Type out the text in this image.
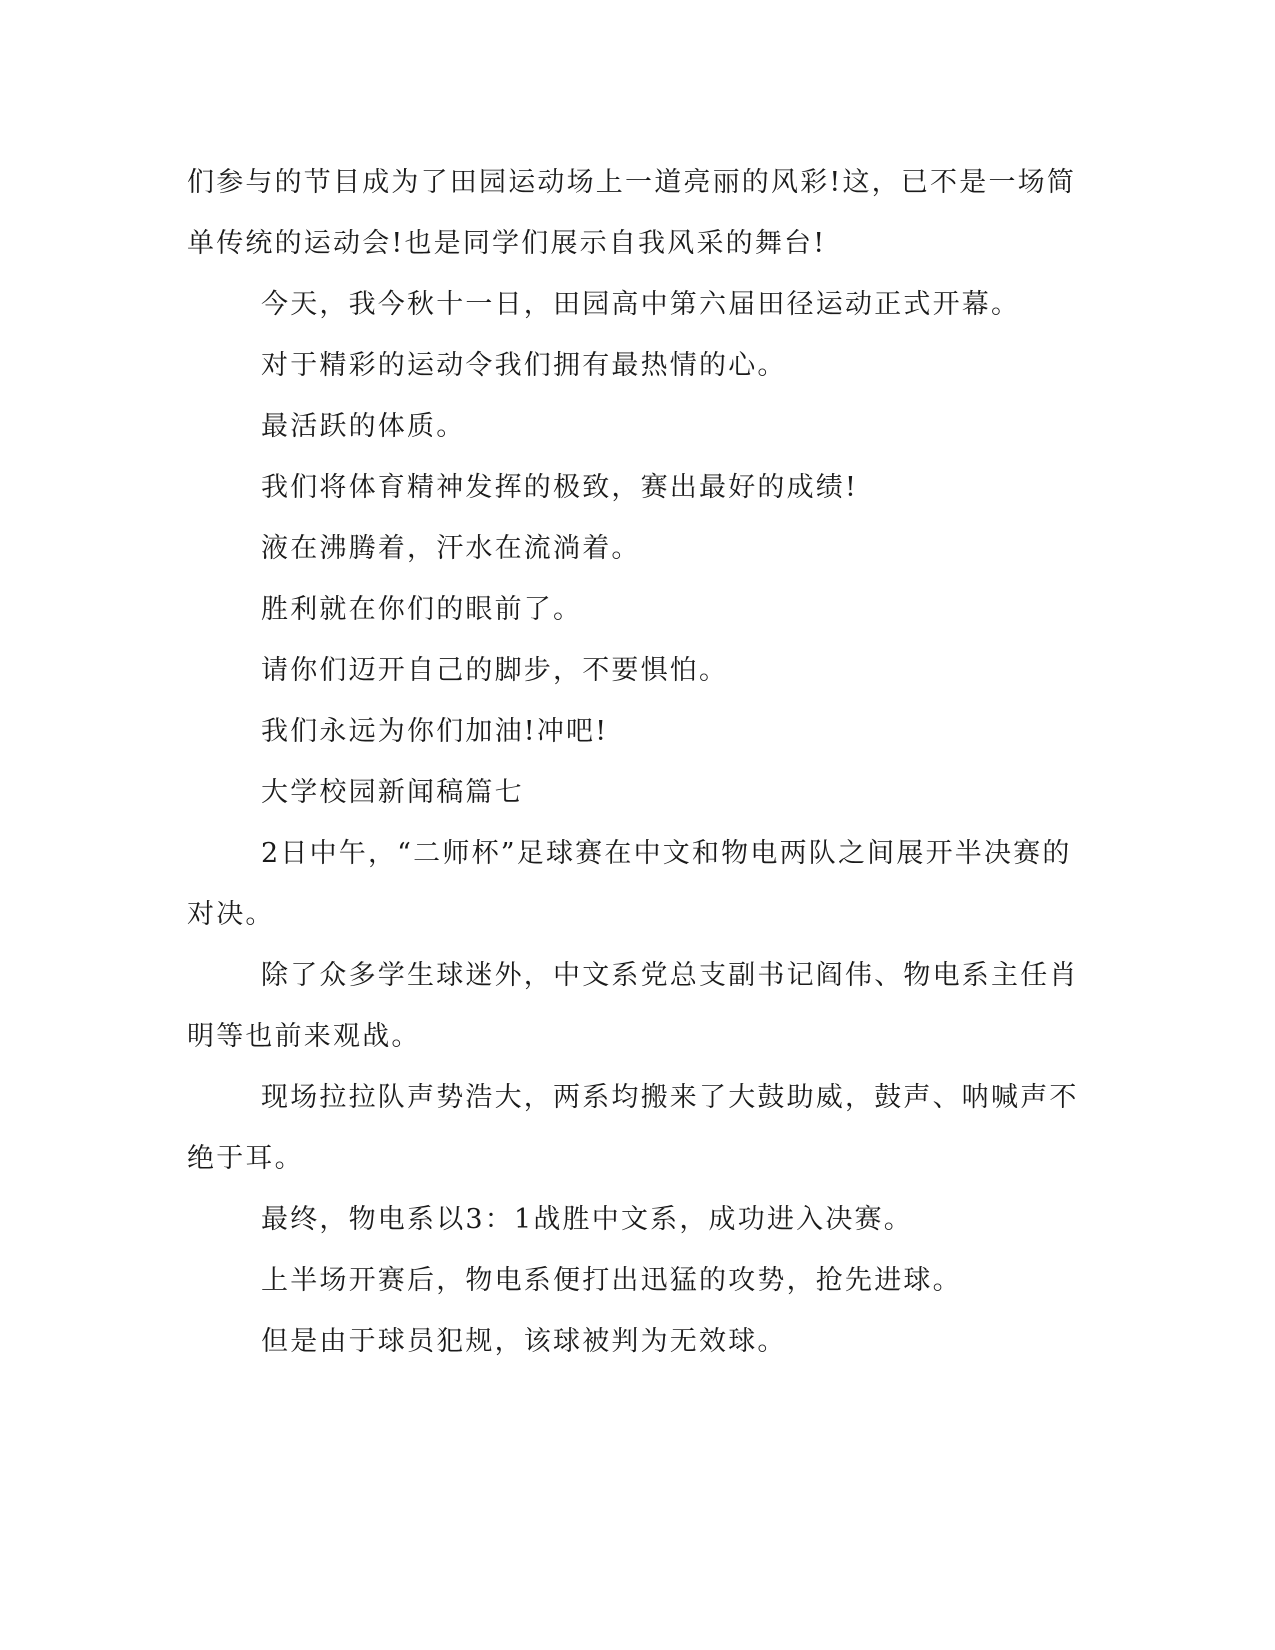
们参与的节目成为了田园运动场上一道亮丽的风彩!这，已不是一场简
单传统的运动会!也是同学们展示自我风采的舞台!
今天，我今秋十一日，田园高中第六届田径运动正式开幕。
对于精彩的运动令我们拥有最热情的心。
最活跃的体质。
我们将体育精神发挥的极致，赛出最好的成绩!
液在沸腾着，汗水在流淌着。
胜利就在你们的眼前了。
请你们迈开自己的脚步，不要惧怕。
我们永远为你们加油!冲吧!
大学校园新闻稿篇七
2日中午，“二师杯”足球赛在中文和物电两队之间展开半决赛的
对决。
除了众多学生球迷外，中文系党总支副书记阎伟、物电系主任肖
明等也前来观战。
现场拉拉队声势浩大，两系均搬来了大鼓助威，鼓声、呐喊声不
绝于耳。
最终，物电系以3：1战胜中文系，成功进入决赛。
上半场开赛后，物电系便打出迅猛的攻势，抢先进球。
但是由于球员犯规，该球被判为无效球。
